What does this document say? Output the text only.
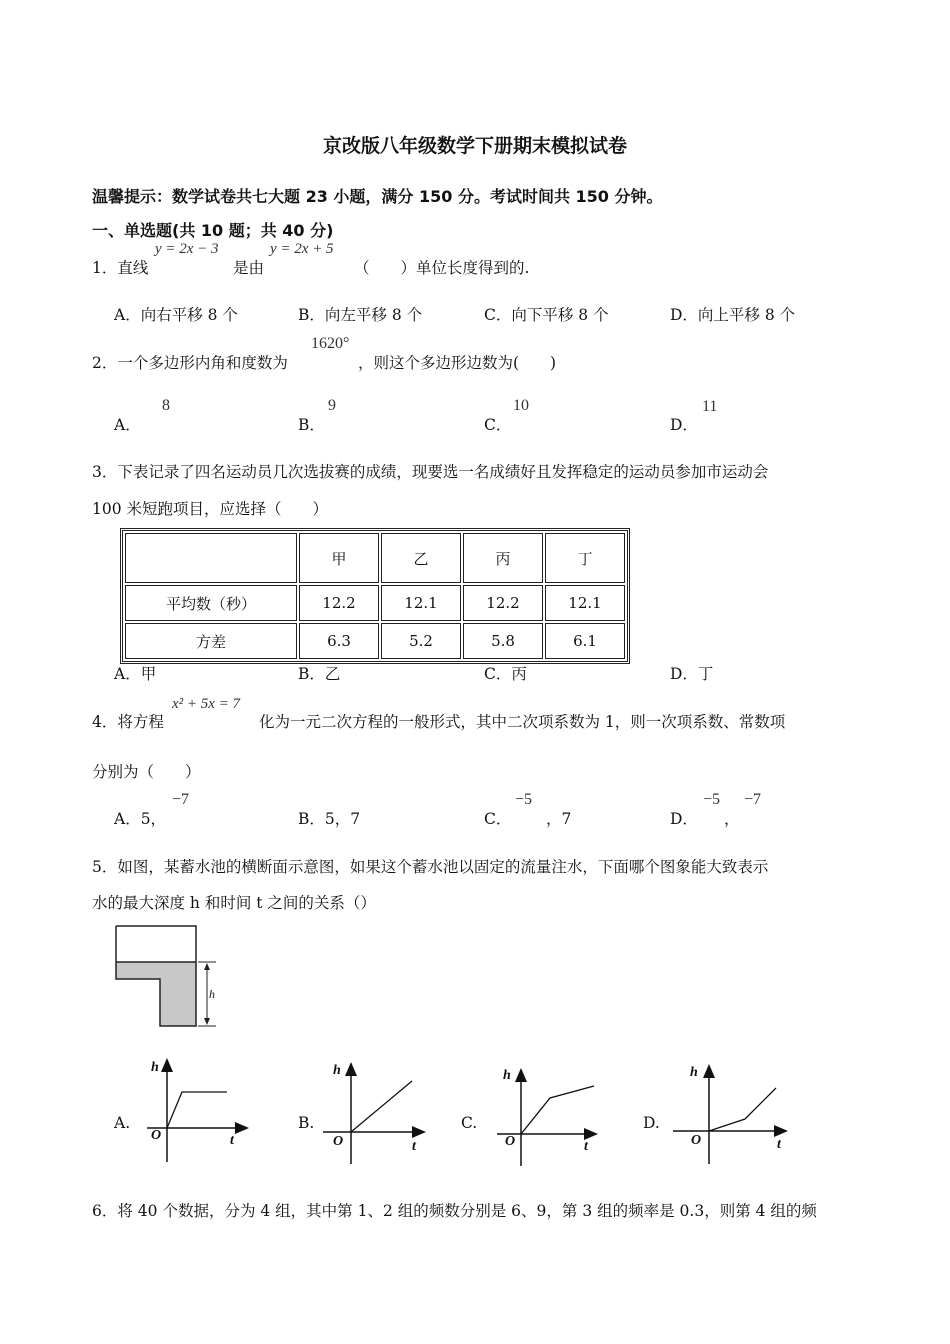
京改版八年级数学下册期末模拟试卷
温馨提示：数学试卷共七大题 23 小题，满分 150 分。考试时间共 150 分钟。
一、单选题(共 10 题；共 40 分)
1．直线
y = 2x − 3
是由
y = 2x + 5
（　　）单位长度得到的.
A．向右平移 8 个	B．向左平移 8 个	C．向下平移 8 个	D．向上平移 8 个
2．一个多边形内角和度数为
1620°
，则这个多边形边数为(　　)
A．
8
B．
9
C．
10
D．
11
3．下表记录了四名运动员几次选拔赛的成绩，现要选一名成绩好且发挥稳定的运动员参加市运动会
100 米短跑项目，应选择（　　）
	甲	乙	丙	丁
平均数（秒）	12.2	12.1	12.2	12.1
方差	6.3	5.2	5.8	6.1
A．甲	B．乙	C．丙	D．丁
4．将方程
x² + 5x = 7
化为一元二次方程的一般形式，其中二次项系数为 1，则一次项系数、常数项
分别为（　　）
A．5，
−7
B．5，7	C．
−5
，7	D．
−5
，
−7
5．如图，某蓄水池的横断面示意图，如果这个蓄水池以固定的流量注水，下面哪个图象能大致表示
水的最大深度 h 和时间 t 之间的关系（）
h
A.
h
O	t
B.
h
O	t
C.
h
O	t
D.
h
O	t
6．将 40 个数据，分为 4 组，其中第 1、2 组的频数分别是 6、9，第 3 组的频率是 0.3，则第 4 组的频
